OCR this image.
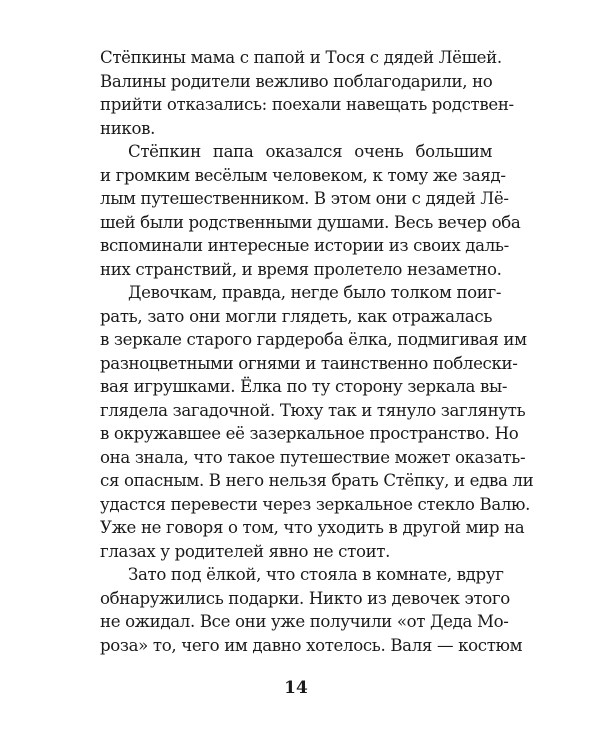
Стёпкины мама с папой и Тося с дядей Лёшей.
Валины родители вежливо поблагодарили, но
прийти отказались: поехали навещать родствен-
ников.
Стёпкин папа оказался очень большим
и громким весёлым человеком, к тому же заяд-
лым путешественником. В этом они с дядей Лё-
шей были родственными душами. Весь вечер оба
вспоминали интересные истории из своих даль-
них странствий, и время пролетело незаметно.
Девочкам, правда, негде было толком поиг-
рать, зато они могли глядеть, как отражалась
в зеркале старого гардероба ёлка, подмигивая им
разноцветными огнями и таинственно поблески-
вая игрушками. Ёлка по ту сторону зеркала вы-
глядела загадочной. Тюху так и тянуло заглянуть
в окружавшее её зазеркальное пространство. Но
она знала, что такое путешествие может оказать-
ся опасным. В него нельзя брать Стёпку, и едва ли
удастся перевести через зеркальное стекло Валю.
Уже не говоря о том, что уходить в другой мир на
глазах у родителей явно не стоит.
Зато под ёлкой, что стояла в комнате, вдруг
обнаружились подарки. Никто из девочек этого
не ожидал. Все они уже получили «от Деда Мо-
роза» то, чего им давно хотелось. Валя — костюм
14
